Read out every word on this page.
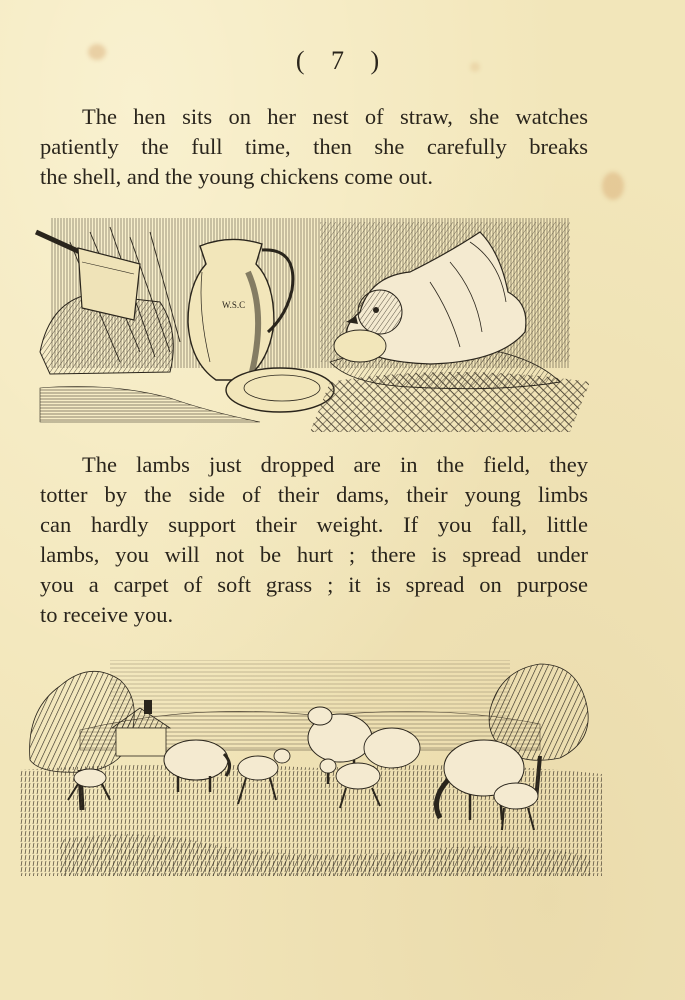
( 7 )
The hen sits on her nest of straw, she watches
patiently the full time, then she carefully breaks
the shell, and the young chickens come out.
W.S.C
The lambs just dropped are in the field, they
totter by the side of their dams, their young limbs
can hardly support their weight. If you fall, little
lambs, you will not be hurt ; there is spread under
you a carpet of soft grass ; it is spread on purpose
to receive you.
